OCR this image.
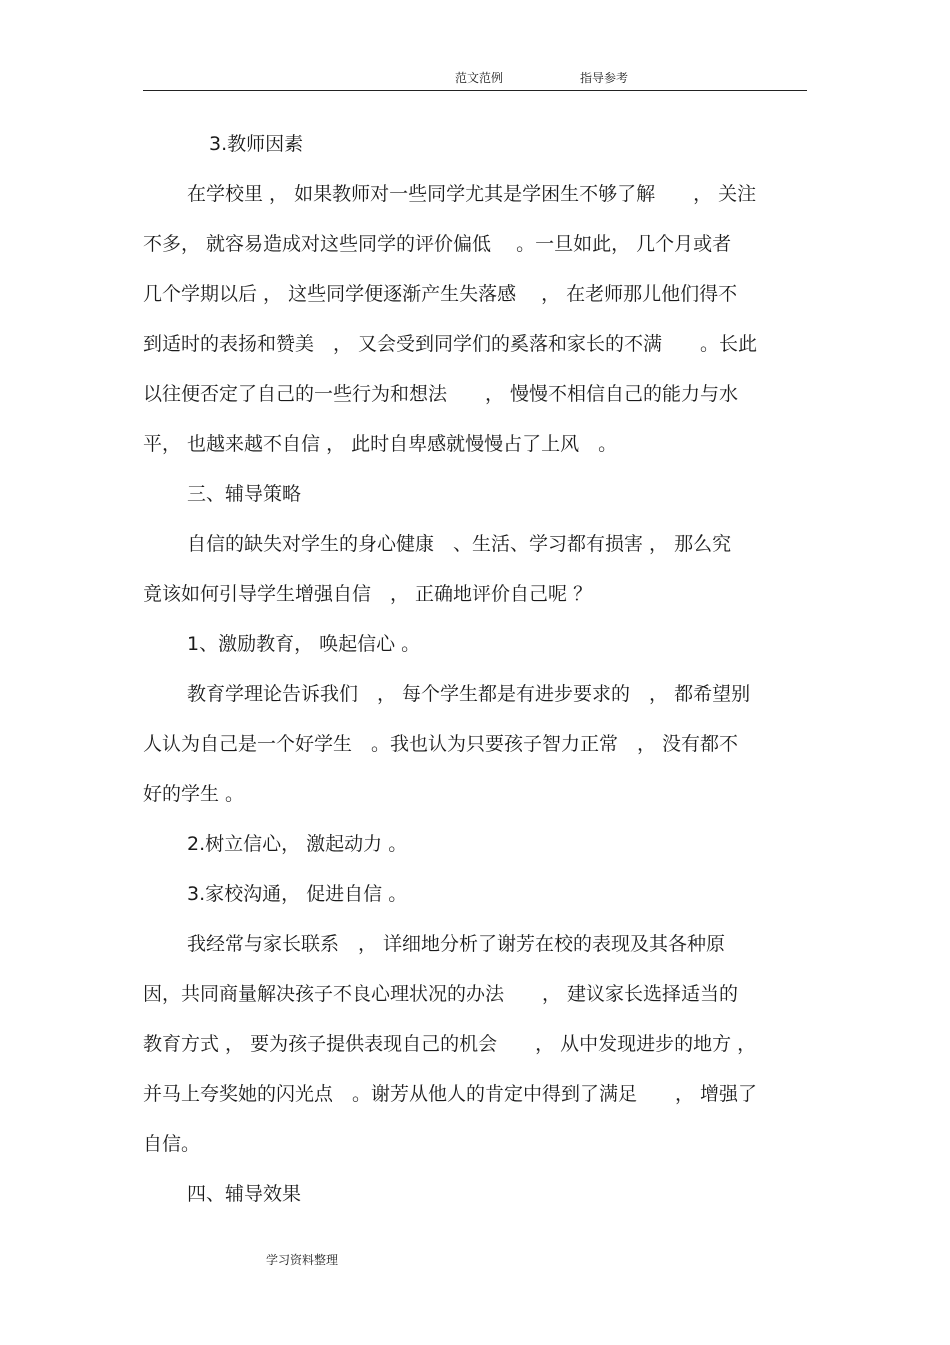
范文范例	指导参考
3.教师因素
在学校里 ， 如果教师对一些同学尤其是学困生不够了解　　， 关注
不多， 就容易造成对这些同学的评价偏低　 。一旦如此， 几个月或者
几个学期以后 ， 这些同学便逐渐产生失落感　 ， 在老师那儿他们得不
到适时的表扬和赞美　， 又会受到同学们的奚落和家长的不满　　。长此
以往便否定了自己的一些行为和想法　　， 慢慢不相信自己的能力与水
平， 也越来越不自信 ， 此时自卑感就慢慢占了上风　。
三、辅导策略
自信的缺失对学生的身心健康　、生活、学习都有损害 ， 那么究
竟该如何引导学生增强自信　， 正确地评价自己呢 ？
1、激励教育， 唤起信心 。
教育学理论告诉我们　， 每个学生都是有进步要求的　， 都希望别
人认为自己是一个好学生　。我也认为只要孩子智力正常　， 没有都不
好的学生 。
2.树立信心， 激起动力 。
3.家校沟通， 促进自信 。
我经常与家长联系　， 详细地分析了谢芳在校的表现及其各种原
因，共同商量解决孩子不良心理状况的办法　　， 建议家长选择适当的
教育方式 ， 要为孩子提供表现自己的机会　　， 从中发现进步的地方 ，
并马上夸奖她的闪光点　。谢芳从他人的肯定中得到了满足　　， 增强了
自信。
四、辅导效果
学习资料整理
